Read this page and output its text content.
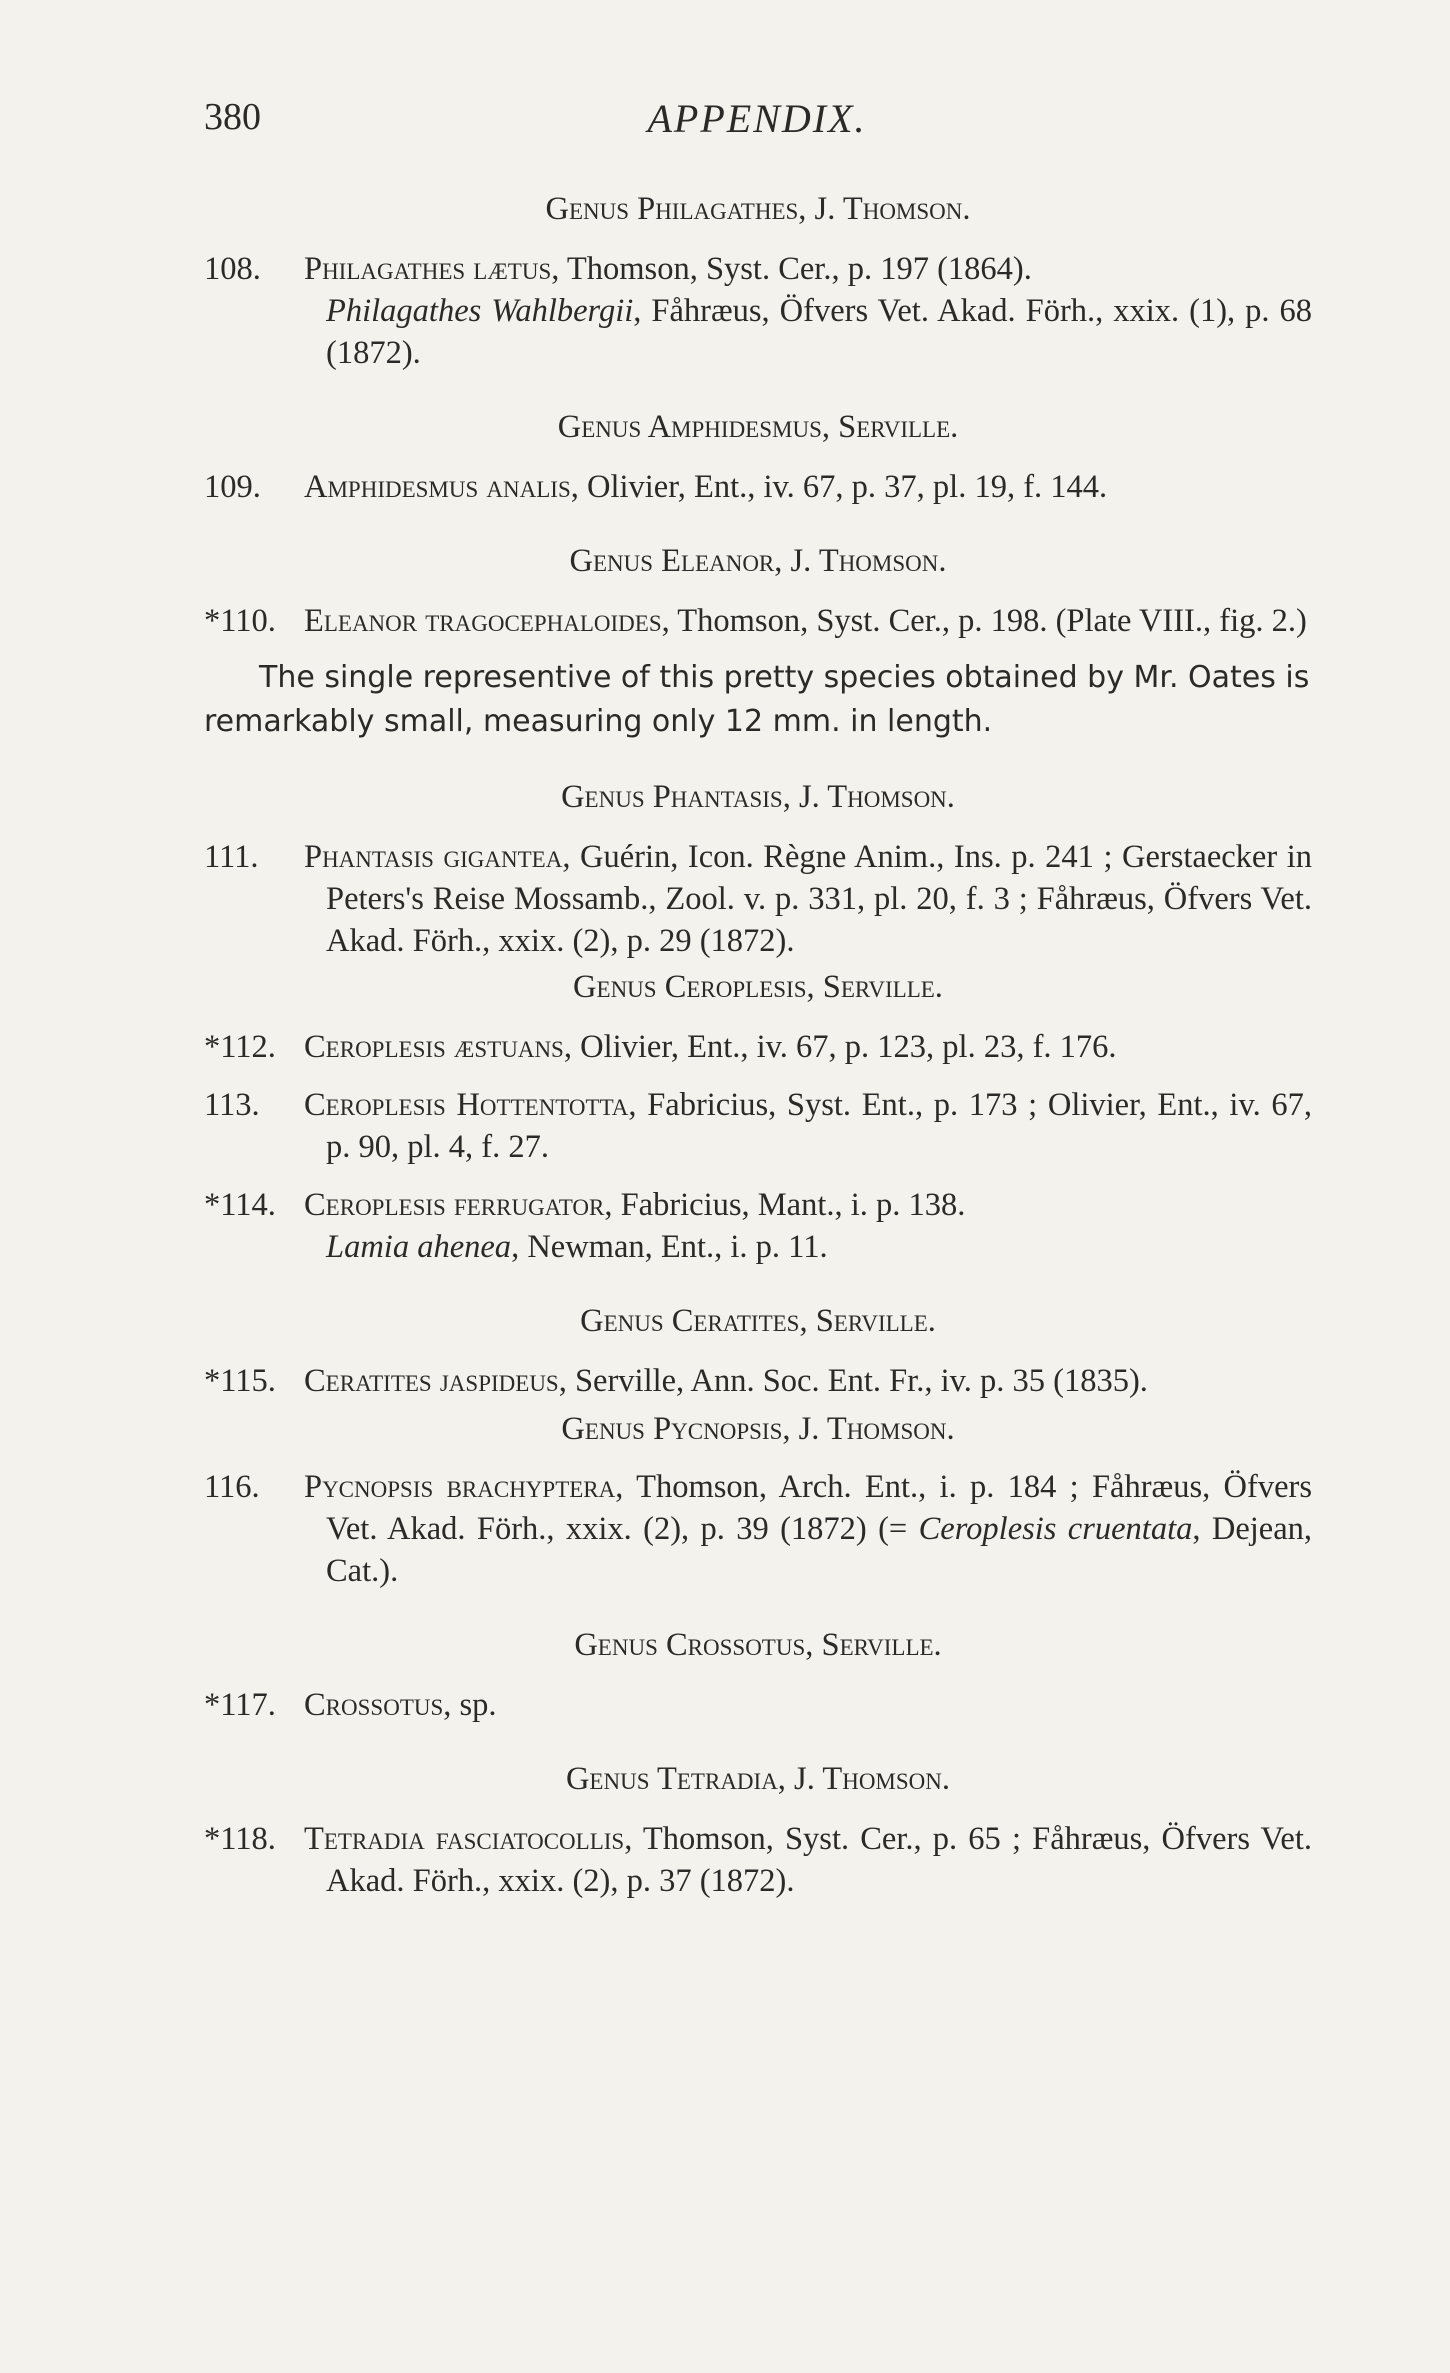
380	APPENDIX.
Genus Philagathes, J. Thomson.
108. Philagathes lætus, Thomson, Syst. Cer., p. 197 (1864).
Philagathes Wahlbergii, Fåhræus, Öfvers Vet. Akad. Förh., xxix. (1), p. 68 (1872).
Genus Amphidesmus, Serville.
109. Amphidesmus analis, Olivier, Ent., iv. 67, p. 37, pl. 19, f. 144.
Genus Eleanor, J. Thomson.
*110. Eleanor tragocephaloides, Thomson, Syst. Cer., p. 198. (Plate VIII., fig. 2.)
The single representive of this pretty species obtained by Mr. Oates is remarkably small, measuring only 12 mm. in length.
Genus Phantasis, J. Thomson.
111. Phantasis gigantea, Guérin, Icon. Règne Anim., Ins. p. 241 ; Gerstaecker in Peters's Reise Mossamb., Zool. v. p. 331, pl. 20, f. 3 ; Fåhræus, Öfvers Vet. Akad. Förh., xxix. (2), p. 29 (1872).
Genus Ceroplesis, Serville.
*112. Ceroplesis æstuans, Olivier, Ent., iv. 67, p. 123, pl. 23, f. 176.
113. Ceroplesis Hottentotta, Fabricius, Syst. Ent., p. 173 ; Olivier, Ent., iv. 67, p. 90, pl. 4, f. 27.
*114. Ceroplesis ferrugator, Fabricius, Mant., i. p. 138.
Lamia ahenea, Newman, Ent., i. p. 11.
Genus Ceratites, Serville.
*115. Ceratites jaspideus, Serville, Ann. Soc. Ent. Fr., iv. p. 35 (1835).
Genus Pycnopsis, J. Thomson.
116. Pycnopsis brachyptera, Thomson, Arch. Ent., i. p. 184 ; Fåhræus, Öfvers Vet. Akad. Förh., xxix. (2), p. 39 (1872) (= Ceroplesis cruentata, Dejean, Cat.).
Genus Crossotus, Serville.
*117. Crossotus, sp.
Genus Tetradia, J. Thomson.
*118. Tetradia fasciatocollis, Thomson, Syst. Cer., p. 65 ; Fåhræus, Öfvers Vet. Akad. Förh., xxix. (2), p. 37 (1872).
